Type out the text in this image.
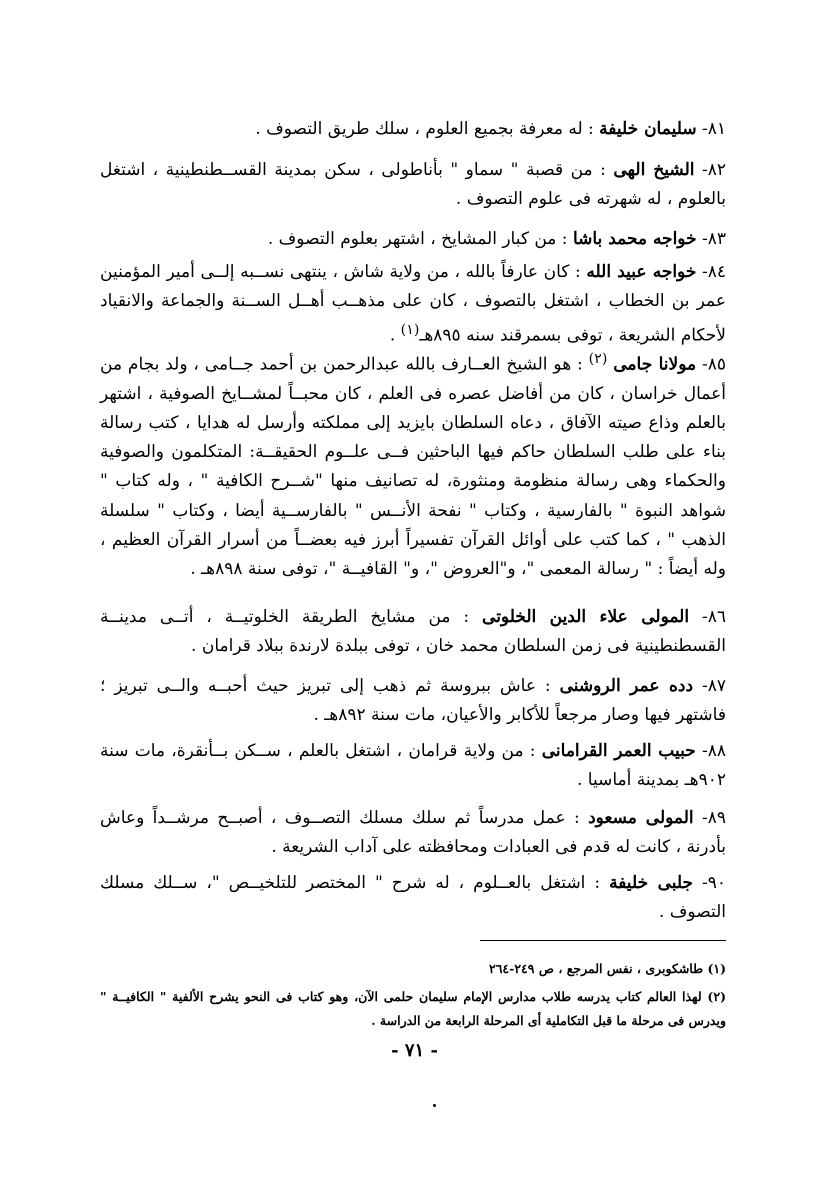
٨١- سليمان خليفة : له معرفة بجميع العلوم ، سلك طريق التصوف .

٨٢- الشيخ الهى : من قصبة " سماو " بأناطولى ، سكن بمدينة القســطنطينية ، اشتغل بالعلوم ، له شهرته فى علوم التصوف .

٨٣- خواجه محمد باشا : من كبار المشايخ ، اشتهر بعلوم التصوف .

٨٤- خواجه عبيد الله : كان عارفاً بالله ، من ولاية شاش ، ينتهى نســبه إلــى أمير المؤمنين عمر بن الخطاب ، اشتغل بالتصوف ، كان على مذهــب أهــل الســنة والجماعة والانقياد لأحكام الشريعة ، توفى بسمرقند سنه ٨٩٥هـ$^{(١)}$ .

٨٥- مولانا جامى $^{(٢)}$ : هو الشيخ العــارف بالله عبدالرحمن بن أحمد جــامى ، ولد بجام من أعمال خراسان ، كان من أفاضل عصره فى العلم ، كان محبــاً لمشــايخ الصوفية ، اشتهر بالعلم وذاع صيته الآفاق ، دعاه السلطان بايزيد إلى مملكته وأرسل له هدايا ، كتب رسالة بناء على طلب السلطان حاكم فيها الباحثين فــى علــوم الحقيقــة: المتكلمون والصوفية والحكماء وهى رسالة منظومة ومنثورة، له تصانيف منها "شــرح الكافية " ، وله كتاب " شواهد النبوة " بالفارسية ، وكتاب " نفحة الأنــس " بالفارســية أيضا ، وكتاب " سلسلة الذهب " ، كما كتب على أوائل القرآن تفسيراً أبرز فيه بعضــاً من أسرار القرآن العظيم ، وله أيضاً : " رسالة المعمى "، و"العروض "، و" القافيــة "، توفى سنة ٨٩٨هـ .

٨٦- المولى علاء الدين الخلوتى : من مشايخ الطريقة الخلوتيــة ، أتــى مدينــة القسطنطينية فى زمن السلطان محمد خان ، توفى ببلدة لارندة ببلاد قرامان .

٨٧- دده عمر الروشنى : عاش ببروسة ثم ذهب إلى تبريز حيث أحبــه والــى تبريز ؛ فاشتهر فيها وصار مرجعاً للأكابر والأعيان، مات سنة ٨٩٢هـ .

٨٨- حبيب العمر القرامانى : من ولاية قرامان ، اشتغل بالعلم ، ســكن بــأنقرة، مات سنة ٩٠٢هـ بمدينة أماسيا .

٨٩- المولى مسعود : عمل مدرساً ثم سلك مسلك التصــوف ، أصبــح مرشــداً وعاش بأدرنة ، كانت له قدم فى العبادات ومحافظته على آداب الشريعة .

٩٠- جلبى خليفة : اشتغل بالعــلوم ، له شرح " المختصر للتلخيــص "، ســلك مسلك التصوف .

(١) طاشكوبرى ، نفس المرجع ، ص ٢٤٩-٢٦٤

(٢) لهذا العالم كتاب يدرسه طلاب مدارس الإمام سليمان حلمى الآن، وهو كتاب فى النحو يشرح الألفية " الكافيــة " ويدرس فى مرحلة ما قبل التكاملية أى المرحلة الرابعة من الدراسة .

- ٧١ -
